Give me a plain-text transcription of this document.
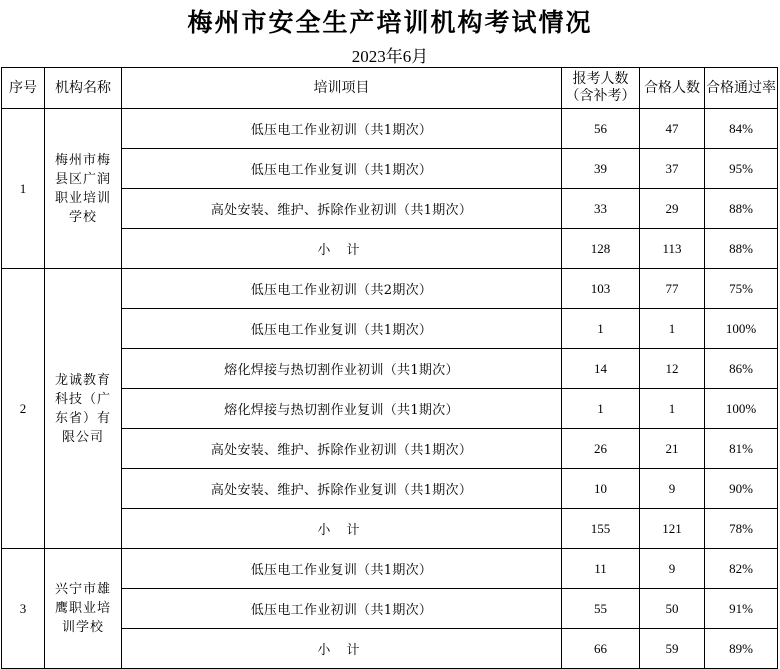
梅州市安全生产培训机构考试情况
2023年6月
序号	机构名称	培训项目	报考人数（含补考）	合格人数	合格通过率
1	梅州市梅县区广润职业培训学校	低压电工作业初训（共1期次）	56	47	84%
		低压电工作业复训（共1期次）	39	37	95%
		高处安装、维护、拆除作业初训（共1期次）	33	29	88%
		小 计	128	113	88%
2	龙诚教育科技（广东省）有限公司	低压电工作业初训（共2期次）	103	77	75%
		低压电工作业复训（共1期次）	1	1	100%
		熔化焊接与热切割作业初训（共1期次）	14	12	86%
		熔化焊接与热切割作业复训（共1期次）	1	1	100%
		高处安装、维护、拆除作业初训（共1期次）	26	21	81%
		高处安装、维护、拆除作业复训（共1期次）	10	9	90%
		小 计	155	121	78%
3	兴宁市雄鹰职业培训学校	低压电工作业复训（共1期次）	11	9	82%
		低压电工作业初训（共1期次）	55	50	91%
		小 计	66	59	89%
